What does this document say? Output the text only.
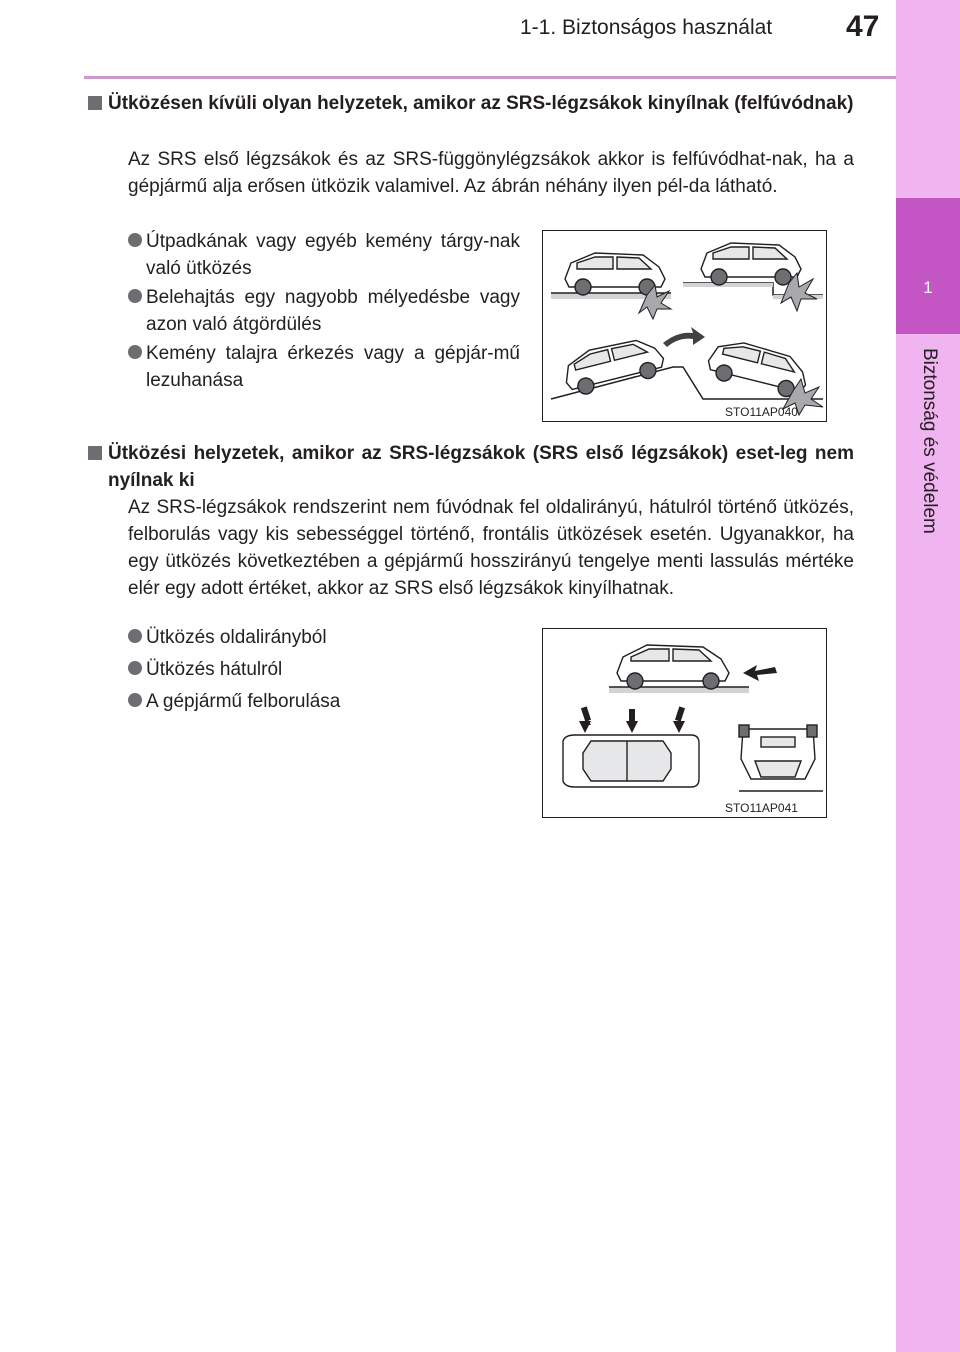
1-1. Biztonságos használat 47
1
Biztonság és védelem
Ütközésen kívüli olyan helyzetek, amikor az SRS-légzsákok kinyílnak (felfúvódnak)
Az SRS első légzsákok és az SRS-függönylégzsákok akkor is felfúvódhat-nak, ha a gépjármű alja erősen ütközik valamivel. Az ábrán néhány ilyen pél-da látható.
Útpadkának vagy egyéb kemény tárgy-nak való ütközés
Belehajtás egy nagyobb mélyedésbe vagy azon való átgördülés
Kemény talajra érkezés vagy a gépjár-mű lezuhanása
STO11AP040
Ütközési helyzetek, amikor az SRS-légzsákok (SRS első légzsákok) eset-leg nem nyílnak ki
Az SRS-légzsákok rendszerint nem fúvódnak fel oldalirányú, hátulról történő ütközés, felborulás vagy kis sebességgel történő, frontális ütközések esetén. Ugyanakkor, ha egy ütközés következtében a gépjármű hosszirányú tengelye menti lassulás mértéke elér egy adott értéket, akkor az SRS első légzsákok kinyílhatnak.
Ütközés oldalirányból
Ütközés hátulról
A gépjármű felborulása
STO11AP041
